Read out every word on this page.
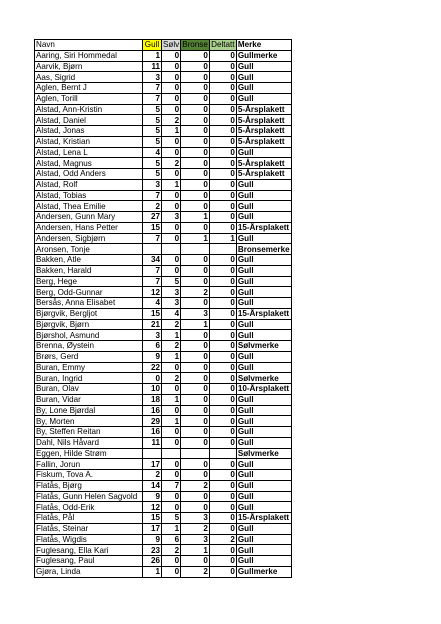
Navn	Gull	Sølv	Bronse	Deltatt	Merke
Aaring, Siri Hommedal	1	0	0	0	Gullmerke
Aarvik, Bjørn	11	0	0	0	Gull
Aas, Sigrid	3	0	0	0	Gull
Aglen, Bernt J	7	0	0	0	Gull
Aglen, Torill	7	0	0	0	Gull
Alstad, Ann-Kristin	5	0	0	0	5-Årsplakett
Alstad, Daniel	5	2	0	0	5-Årsplakett
Alstad, Jonas	5	1	0	0	5-Årsplakett
Alstad, Kristian	5	0	0	0	5-Årsplakett
Alstad, Lena L	4	0	0	0	Gull
Alstad, Magnus	5	2	0	0	5-Årsplakett
Alstad, Odd Anders	5	0	0	0	5-Årsplakett
Alstad, Rolf	3	1	0	0	Gull
Alstad, Tobias	7	0	0	0	Gull
Alstad, Thea Emilie	2	0	0	0	Gull
Andersen, Gunn Mary	27	3	1	0	Gull
Andersen, Hans Petter	15	0	0	0	15-Årsplakett
Andersen, Sigbjørn	7	0	1	1	Gull
Aronsen, Tonje					Bronsemerke
Bakken, Atle	34	0	0	0	Gull
Bakken, Harald	7	0	0	0	Gull
Berg, Hege	7	5	0	0	Gull
Berg, Odd-Gunnar	12	3	2	0	Gull
Bersås, Anna Elisabet	4	3	0	0	Gull
Bjørgvik, Bergljot	15	4	3	0	15-Årsplakett
Bjørgvik, Bjørn	21	2	1	0	Gull
Bjørshol, Asmund	3	1	0	0	Gull
Brenna, Øystein	6	2	0	0	Sølvmerke
Brørs, Gerd	9	1	0	0	Gull
Buran, Emmy	22	0	0	0	Gull
Buran, Ingrid	0	2	0	0	Sølvmerke
Buran, Olav	10	0	0	0	10-Årsplakett
Buran, Vidar	18	1	0	0	Gull
By, Lone Bjørdal	16	0	0	0	Gull
By, Morten	29	1	0	0	Gull
By, Steffen Reitan	16	0	0	0	Gull
Dahl, Nils Håvard	11	0	0	0	Gull
Eggen, Hilde Strøm					Sølvmerke
Fallin, Jorun	17	0	0	0	Gull
Fiskum, Tova A.	2	0	0	0	Gull
Flatås, Bjørg	14	7	2	0	Gull
Flatås, Gunn Helen Sagvold	9	0	0	0	Gull
Flatås, Odd-Erik	12	0	0	0	Gull
Flatås, Pål	15	5	3	0	15-Årsplakett
Flatås, Steinar	17	1	2	0	Gull
Flatås, Wigdis	9	6	3	2	Gull
Fuglesang, Ella Kari	23	2	1	0	Gull
Fuglesang, Paul	26	0	0	0	Gull
Gjøra, Linda	1	0	2	0	Gullmerke
